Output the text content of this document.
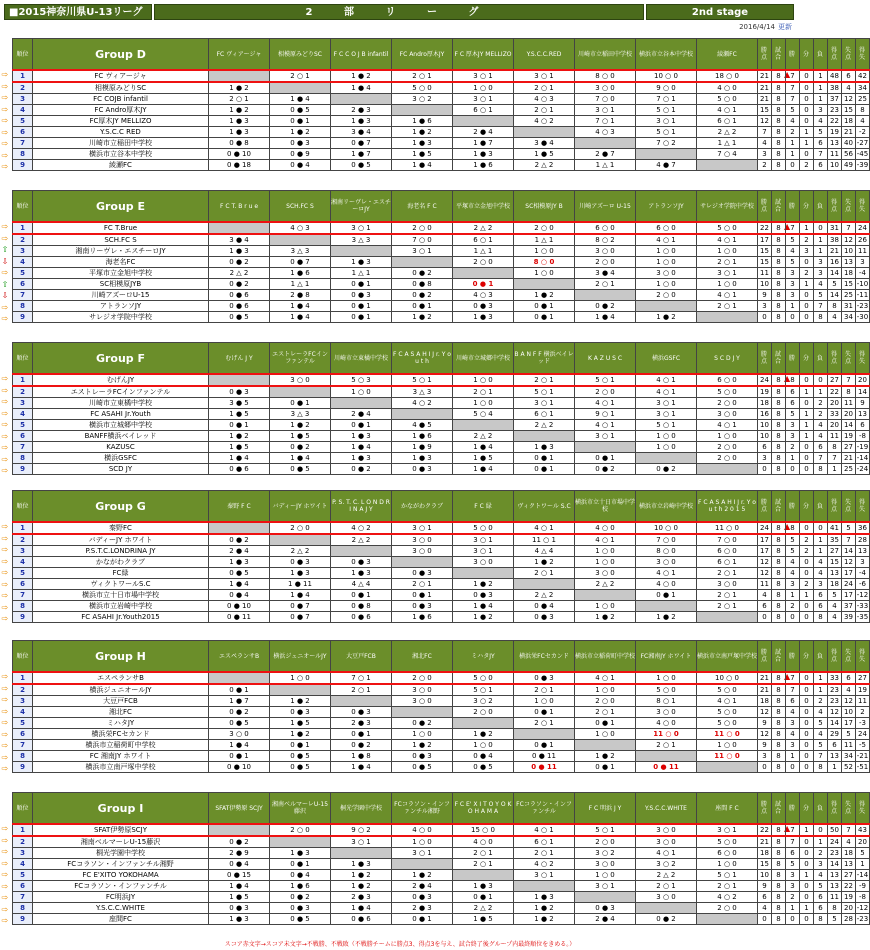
■2015神奈川県U-13リーグ	2 部 リ ー グ	2nd stage
2016/4/14 更新
⇨	▲
⇨
⇨
⇨
⇨
⇨
⇨
⇨
⇨
順位	Group D	FC ヴィアージャ	相模原みどりSC	F C C O J B infantil	FC Andro厚木JY	F C 厚木JY MELLIZO	Y.S.C.C.RED	川崎市立稲田中学校	横浜市立谷本中学校	綾瀬FC	勝点	試合	勝	分	負	得点	失点	得失
1	FC ヴィアージャ		2 ○ 1	1 ● 2	2 ○ 1	3 ○ 1	3 ○ 1	8 ○ 0	10 ○ 0	18 ○ 0	21	8	7	0	1	48	6	42
2	相模原みどりSC	1 ● 2		1 ● 4	5 ○ 0	1 ○ 0	2 ○ 1	3 ○ 0	9 ○ 0	4 ○ 0	21	8	7	0	1	38	4	34
3	FC COJB infantil	2 ○ 1	1 ● 4		3 ○ 2	3 ○ 1	4 ○ 3	7 ○ 0	7 ○ 1	5 ○ 0	21	8	7	0	1	37	12	25
4	FC Andro厚木JY	1 ● 2	0 ● 5	2 ● 3		6 ○ 1	2 ○ 1	3 ○ 1	5 ○ 1	4 ○ 1	15	8	5	0	3	23	15	8
5	FC厚木JY MELLIZO	1 ● 3	0 ● 1	1 ● 3	1 ● 6		4 ○ 2	7 ○ 1	3 ○ 1	6 ○ 1	12	8	4	0	4	22	18	4
6	Y.S.C.C RED	1 ● 3	1 ● 2	3 ● 4	1 ● 2	2 ● 4		4 ○ 3	5 ○ 1	2 △ 2	7	8	2	1	5	19	21	-2
7	川崎市立稲田中学校	0 ● 8	0 ● 3	0 ● 7	1 ● 3	1 ● 7	3 ● 4		7 ○ 2	1 △ 1	4	8	1	1	6	13	40	-27
8	横浜市立谷本中学校	0 ● 10	0 ● 9	1 ● 7	1 ● 5	1 ● 3	1 ● 5	2 ● 7		7 ○ 4	3	8	1	0	7	11	56	-45
9	綾瀬FC	0 ● 18	0 ● 4	0 ● 5	1 ● 4	1 ● 6	2 △ 2	1 △ 1	4 ● 7		2	8	0	2	6	10	49	-39
⇨	▲
⇨
⇧
⇩
⇨
⇧
⇩
⇨
⇨
順位	Group E	F C T. B r u e	SCH.FC S	湘南リーヴレ・エスチーロJY	海老名 F C	平塚市立金旭中学校	SC相模原JY B	川崎アズーロ U-15	アトランソJY	サレジオ学院中学校	勝点	試合	勝	分	負	得点	失点	得失
1	FC T.Brue		4 ○ 3	3 ○ 1	2 ○ 0	2 △ 2	2 ○ 0	6 ○ 0	6 ○ 0	5 ○ 0	22	8	7	1	0	31	7	24
2	SCH.FC S	3 ● 4		3 △ 3	7 ○ 0	6 ○ 1	1 △ 1	8 ○ 2	4 ○ 1	4 ○ 1	17	8	5	2	1	38	12	26
3	湘南リーヴレ・エスチーロJY	1 ● 3	3 △ 3		3 ○ 1	1 △ 1	1 ○ 0	3 ○ 0	1 ○ 0	1 ○ 0	15	8	4	3	1	21	10	11
4	海老名FC	0 ● 2	0 ● 7	1 ● 3		2 ○ 0	8 ○ 0	2 ○ 0	1 ○ 0	2 ○ 1	15	8	5	0	3	16	13	3
5	平塚市立金旭中学校	2 △ 2	1 ● 6	1 △ 1	0 ● 2		1 ○ 0	3 ● 4	3 ○ 0	3 ○ 1	11	8	3	2	3	14	18	-4
6	SC相模原JYB	0 ● 2	1 △ 1	0 ● 1	0 ● 8	0 ● 1		2 ○ 1	1 ○ 0	1 ○ 0	10	8	3	1	4	5	15	-10
7	川崎アズーロU-15	0 ● 6	2 ● 8	0 ● 3	0 ● 2	4 ○ 3	1 ● 2		2 ○ 0	4 ○ 1	9	8	3	0	5	14	25	-11
8	アトランソJY	0 ● 6	1 ● 4	0 ● 1	0 ● 1	0 ● 3	0 ● 1	0 ● 2		2 ○ 1	3	8	1	0	7	8	31	-23
9	サレジオ学院中学校	0 ● 5	1 ● 4	0 ● 1	1 ● 2	1 ● 3	0 ● 1	1 ● 4	1 ● 2		0	8	0	0	8	4	34	-30
⇨	▲
⇨
⇨
⇨
⇨
⇨
⇨
⇨
⇨
順位	Group F	むげん J Y	エストレーラFCインファンテル	川崎市立東橘中学校	F C A S A H I J r. Y o u t h	川崎市立城郷中学校	B A N F F 横浜ベイレッド	K A Z U S C	横浜GSFC	S C D J Y	勝点	試合	勝	分	負	得点	失点	得失
1	むげんJY		3 ○ 0	5 ○ 3	5 ○ 1	1 ○ 0	2 ○ 1	5 ○ 1	4 ○ 1	6 ○ 0	24	8	8	0	0	27	7	20
2	エストレーラFCインファンテル	0 ● 3		1 ○ 0	3 △ 3	2 ○ 1	5 ○ 1	2 ○ 0	4 ○ 1	5 ○ 0	19	8	6	1	1	22	8	14
3	川崎市立東橘中学校	3 ● 5	0 ● 1		4 ○ 2	1 ○ 0	3 ○ 1	4 ○ 1	3 ○ 1	2 ○ 0	18	8	6	0	2	20	11	9
4	FC ASAHI Jr.Youth	1 ● 5	3 △ 3	2 ● 4		5 ○ 4	6 ○ 1	9 ○ 1	3 ○ 1	3 ○ 0	16	8	5	1	2	33	20	13
5	横浜市立城郷中学校	0 ● 1	1 ● 2	0 ● 1	4 ● 5		2 △ 2	4 ○ 1	5 ○ 1	4 ○ 1	10	8	3	1	4	20	14	6
6	BANFF横浜ベイレッド	1 ● 2	1 ● 5	1 ● 3	1 ● 6	2 △ 2		3 ○ 1	1 ○ 0	1 ○ 0	10	8	3	1	4	11	19	-8
7	KAZUSC	1 ● 5	0 ● 2	1 ● 4	1 ● 9	1 ● 4	1 ● 3		1 ○ 0	2 ○ 0	6	8	2	0	6	8	27	-19
8	横浜GSFC	1 ● 4	1 ● 4	1 ● 3	1 ● 3	1 ● 5	0 ● 1	0 ● 1		2 ○ 0	3	8	1	0	7	7	21	-14
9	SCD JY	0 ● 6	0 ● 5	0 ● 2	0 ● 3	1 ● 4	0 ● 1	0 ● 2	0 ● 2		0	8	0	0	8	1	25	-24
⇨	▲
⇨
⇨
⇨
⇨
⇨
⇨
⇨
⇨
順位	Group G	秦野 F C	バディーJY ホワイト	P. S. T. C. L O N D R I N A J Y	かながわクラブ	F C 緑	ヴィクトワール S.C	横浜市立十日市場中学校	横浜市立岩崎中学校	F C A S A H I J r. Y o u t h 2 0 1 5	勝点	試合	勝	分	負	得点	失点	得失
1	秦野FC		2 ○ 0	4 ○ 2	3 ○ 1	5 ○ 0	4 ○ 1	4 ○ 0	10 ○ 0	11 ○ 0	24	8	8	0	0	41	5	36
2	バディーJY ホワイト	0 ● 2		2 △ 2	3 ○ 0	3 ○ 1	11 ○ 1	4 ○ 1	7 ○ 0	7 ○ 0	17	8	5	2	1	35	7	28
3	P.S.T.C.LONDRINA JY	2 ● 4	2 △ 2		3 ○ 0	3 ○ 1	4 △ 4	1 ○ 0	8 ○ 0	6 ○ 0	17	8	5	2	1	27	14	13
4	かながわクラブ	1 ● 3	0 ● 3	0 ● 3		3 ○ 0	1 ● 2	1 ○ 0	3 ○ 0	6 ○ 1	12	8	4	0	4	15	12	3
5	FC緑	0 ● 5	1 ● 3	1 ● 3	0 ● 3		2 ○ 1	3 ○ 0	4 ○ 1	2 ○ 1	12	8	4	0	4	13	17	-4
6	ヴィクトワールS.C	1 ● 4	1 ● 11	4 △ 4	2 ○ 1	1 ● 2		2 △ 2	4 ○ 0	3 ○ 0	11	8	3	2	3	18	24	-6
7	横浜市立十日市場中学校	0 ● 4	1 ● 4	0 ● 1	0 ● 1	0 ● 3	2 △ 2		0 ● 1	2 ○ 1	4	8	1	1	6	5	17	-12
8	横浜市立岩崎中学校	0 ● 10	0 ● 7	0 ● 8	0 ● 3	1 ● 4	0 ● 4	1 ○ 0		2 ○ 1	6	8	2	0	6	4	37	-33
9	FC ASAHI Jr.Youth2015	0 ● 11	0 ● 7	0 ● 6	1 ● 6	1 ● 2	0 ● 3	1 ● 2	1 ● 2		0	8	0	0	8	4	39	-35
⇨	▲
⇨
⇨
⇨
⇨
⇨
⇨
⇨
⇨
順位	Group H	エスペランサB	横浜ジュニオールJY	大豆戸FCB	湘北FC	ミハタJY	横浜栄FCセカンド	横浜市立稲荷町中学校	FC湘南JY ホワイト	横浜市立南戸塚中学校	勝点	試合	勝	分	負	得点	失点	得失
1	エスペランサB		1 ○ 0	7 ○ 1	2 ○ 0	5 ○ 0	0 ● 3	4 ○ 1	1 ○ 0	10 ○ 0	21	8	7	0	1	33	6	27
2	横浜ジュニオールJY	0 ● 1		2 ○ 1	3 ○ 0	5 ○ 1	2 ○ 1	1 ○ 0	5 ○ 0	5 ○ 0	21	8	7	0	1	23	4	19
3	大豆戸FCB	1 ● 7	1 ● 2		3 ○ 0	3 ○ 2	1 ○ 0	2 ○ 0	8 ○ 1	4 ○ 1	18	8	6	0	2	23	12	11
4	湘北FC	0 ● 2	0 ● 3	0 ● 3		2 ○ 0	0 ● 1	2 ○ 1	3 ○ 0	5 ○ 0	12	8	4	0	4	12	10	2
5	ミハタJY	0 ● 5	1 ● 5	2 ● 3	0 ● 2		2 ○ 1	0 ● 1	4 ○ 0	5 ○ 0	9	8	3	0	5	14	17	-3
6	横浜栄FCセカンド	3 ○ 0	1 ● 2	0 ● 1	1 ○ 0	1 ● 2		1 ○ 0	11 ○ 0	11 ○ 0	12	8	4	0	4	29	5	24
7	横浜市立稲荷町中学校	1 ● 4	0 ● 1	0 ● 2	1 ● 2	1 ○ 0	0 ● 1		2 ○ 1	1 ○ 0	9	8	3	0	5	6	11	-5
8	FC 湘南JY ホワイト	0 ● 1	0 ● 5	1 ● 8	0 ● 3	0 ● 4	0 ● 11	1 ● 2		11 ○ 0	3	8	1	0	7	13	34	-21
9	横浜市立南戸塚中学校	0 ● 10	0 ● 5	1 ● 4	0 ● 5	0 ● 5	0 ● 11	0 ● 1	0 ● 11		0	8	0	0	8	1	52	-51
⇨	▲
⇨
⇨
⇨
⇨
⇨
⇨
⇨
⇨
順位	Group I	SFAT伊勢原 SCJY	湘南ベルマーレU-15藤沢	桐光学園中学校	FCコラソン・インファンチル湘野	F C E' X I T O Y O K O H A M A	FCコラソン・インファンチル	F C 明浜 J Y	Y.S.C.C.WHITE	座間 F C	勝点	試合	勝	分	負	得点	失点	得失
1	SFAT伊勢原SCJY		2 ○ 0	9 ○ 2	4 ○ 0	15 ○ 0	4 ○ 1	5 ○ 1	3 ○ 0	3 ○ 1	22	8	7	1	0	50	7	43
2	湘南ベルマーレU-15藤沢	0 ● 2		3 ○ 1	1 ○ 0	4 ○ 0	6 ○ 1	2 ○ 0	3 ○ 0	5 ○ 0	21	8	7	0	1	24	4	20
3	桐光学園中学校	2 ● 9	1 ● 3		3 ○ 1	2 ○ 1	2 ○ 1	3 ○ 2	4 ○ 1	6 ○ 0	18	8	6	0	2	23	18	5
4	FCコラソン・インファンチル湘野	0 ● 4	0 ● 1	1 ● 3		2 ○ 1	4 ○ 2	3 ○ 0	3 ○ 2	1 ○ 0	15	8	5	0	3	14	13	1
5	FC E'XITO YOKOHAMA	0 ● 15	0 ● 4	1 ● 2	1 ● 2		3 ○ 1	1 ○ 0	2 △ 2	5 ○ 1	10	8	3	1	4	13	27	-14
6	FCコラソン・インファンチル	1 ● 4	1 ● 6	1 ● 2	2 ● 4	1 ● 3		3 ○ 1	2 ○ 1	2 ○ 1	9	8	3	0	5	13	22	-9
7	FC明浜JY	1 ● 5	0 ● 2	2 ● 3	0 ● 3	0 ● 1	1 ● 3		3 ○ 0	4 ○ 2	6	8	2	0	6	11	19	-8
8	Y.S.C.C.WHITE	0 ● 3	0 ● 3	1 ● 4	2 ● 3	2 △ 2	1 ● 2	0 ● 3		2 ○ 0	4	8	1	1	6	8	20	-12
9	座間FC	1 ● 3	0 ● 5	0 ● 6	0 ● 1	1 ● 5	1 ● 2	2 ● 4	0 ● 2		0	8	0	0	8	5	28	-23
スコア赤文字→スコア未文字→不戦勝、不戦敗（不戦勝チームに勝点3、得点3を与え、試合終了後グループ内最終順位をきめる。）
